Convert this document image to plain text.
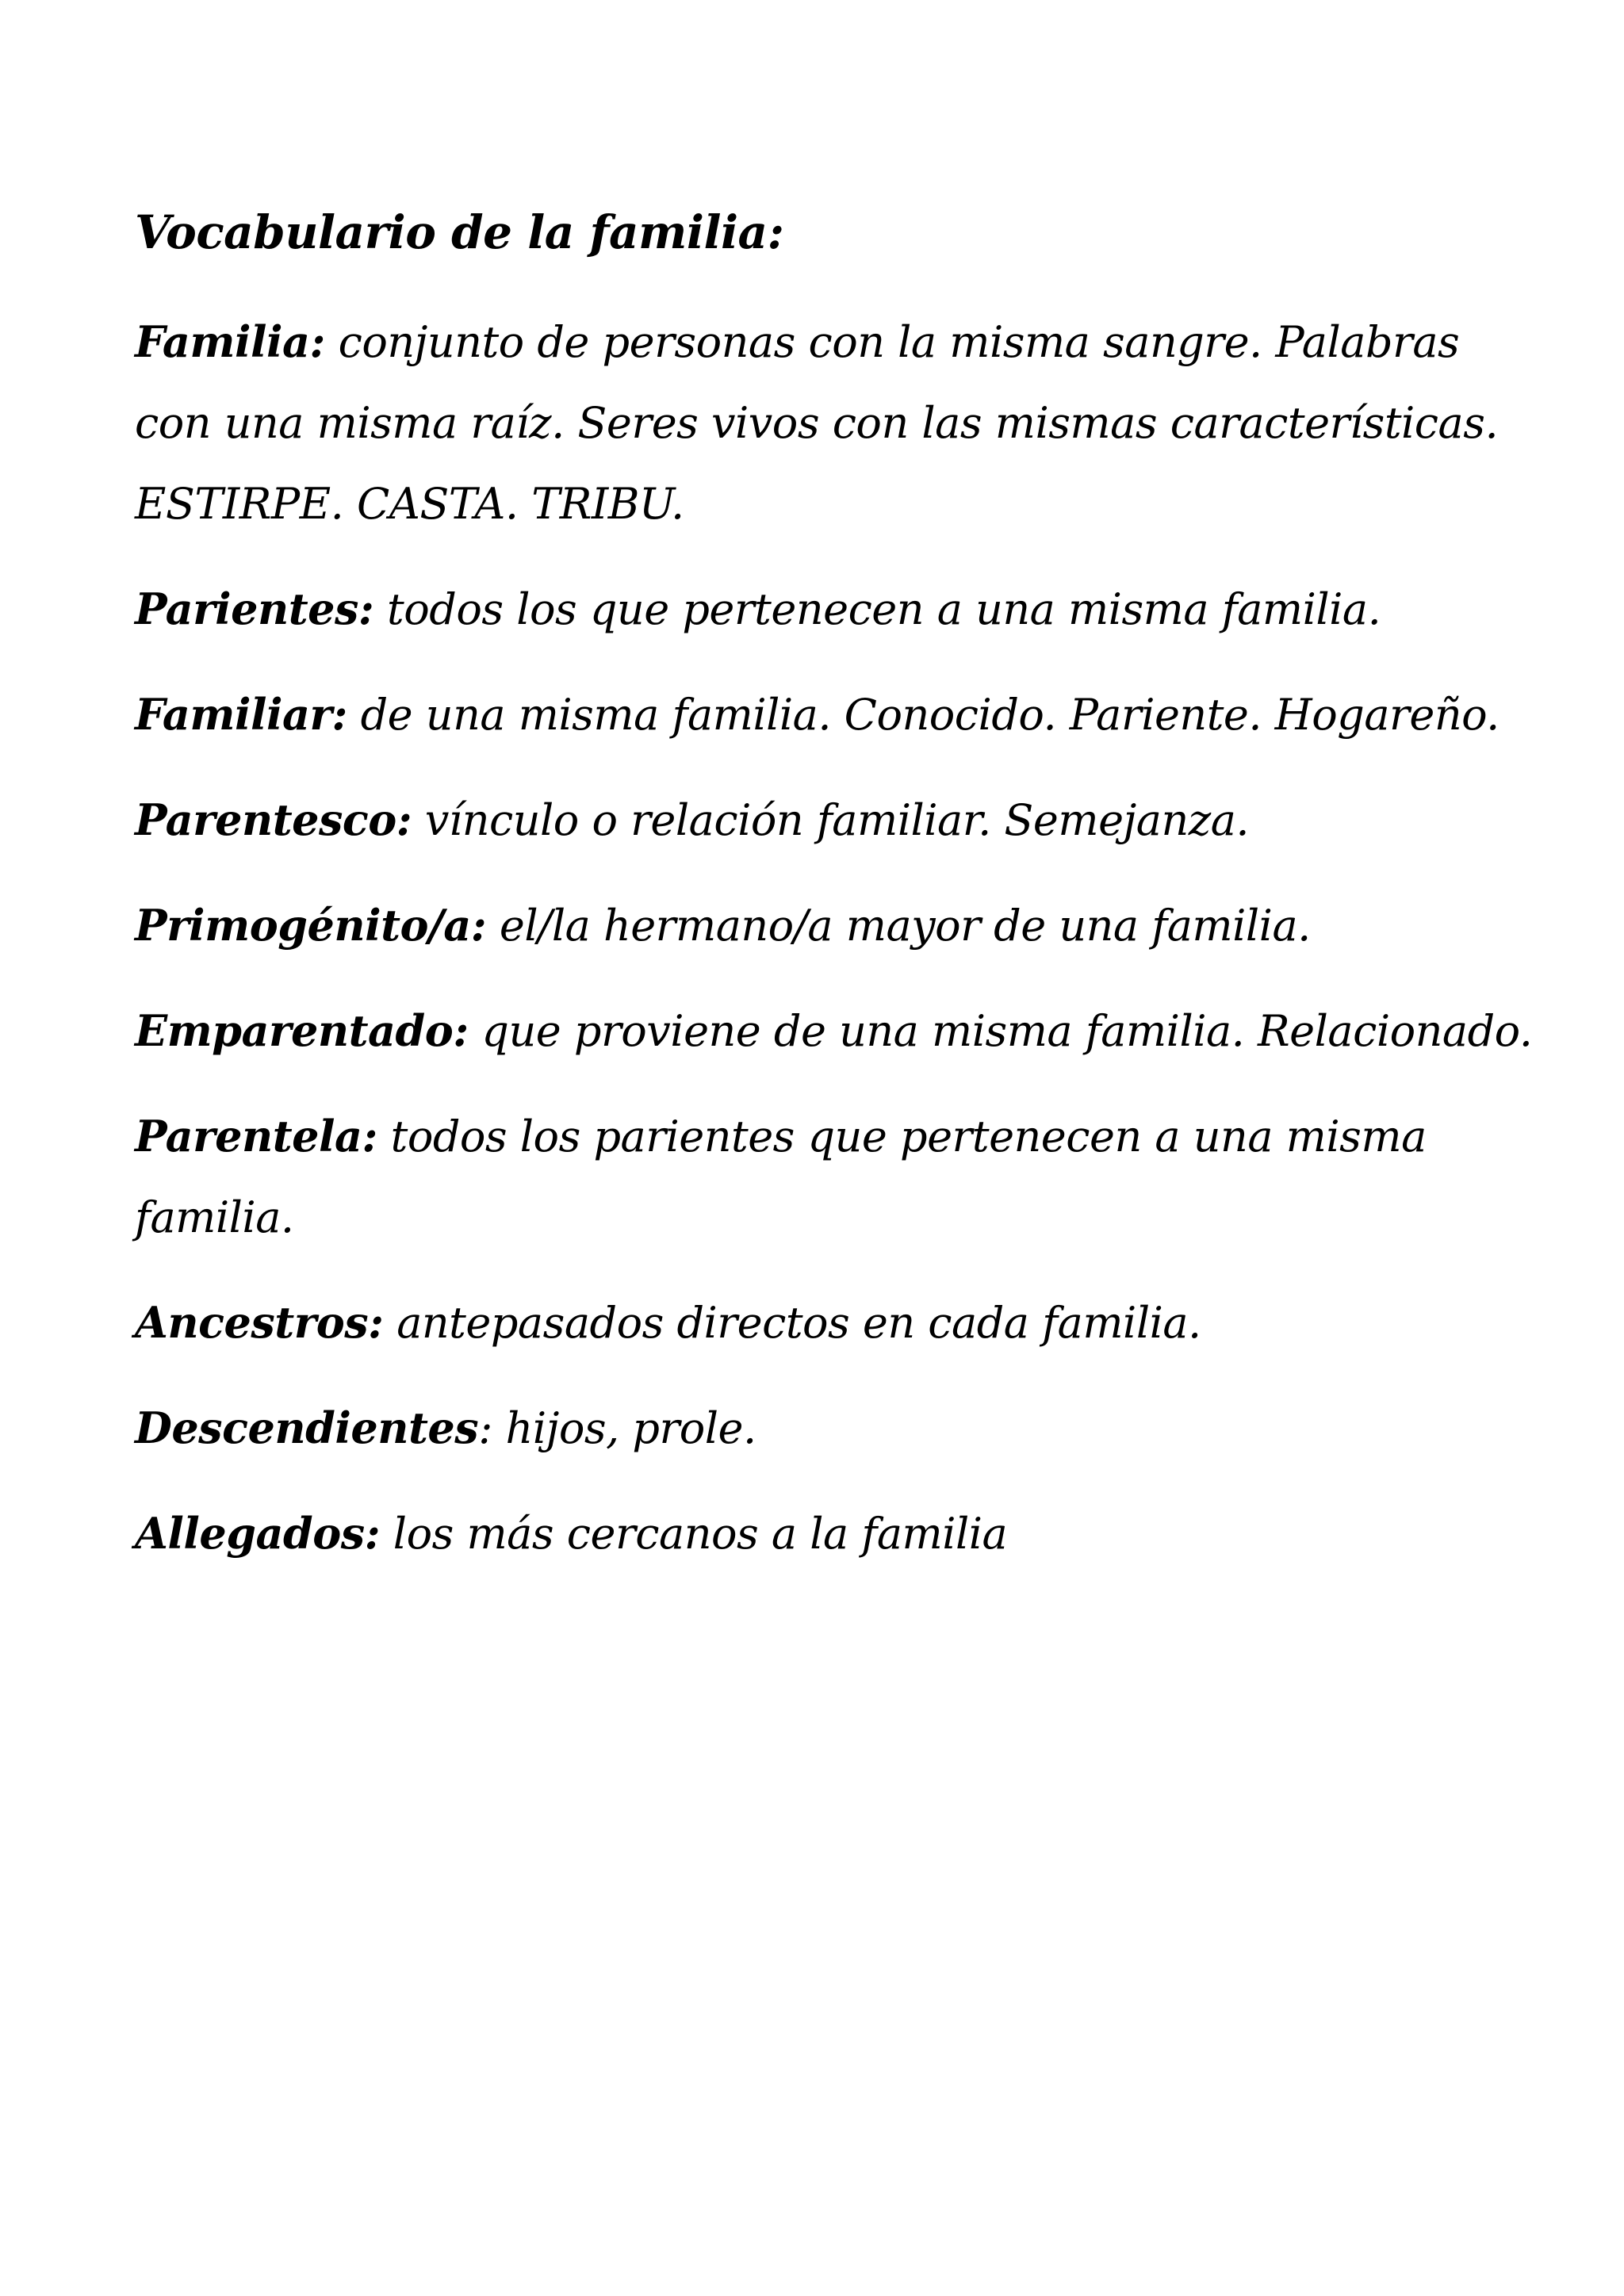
Vocabulario de la familia:

Familia: conjunto de personas con la misma sangre. Palabras con una misma raíz. Seres vivos con las mismas características. ESTIRPE. CASTA. TRIBU.

Parientes: todos los que pertenecen a una misma familia.

Familiar: de una misma familia. Conocido. Pariente. Hogareño.

Parentesco: vínculo o relación familiar. Semejanza.

Primogénito/a: el/la hermano/a mayor de una familia.

Emparentado: que proviene de una misma familia. Relacionado.

Parentela: todos los parientes que pertenecen a una misma familia.

Ancestros: antepasados directos en cada familia.

Descendientes: hijos, prole.

Allegados: los más cercanos a la familia
